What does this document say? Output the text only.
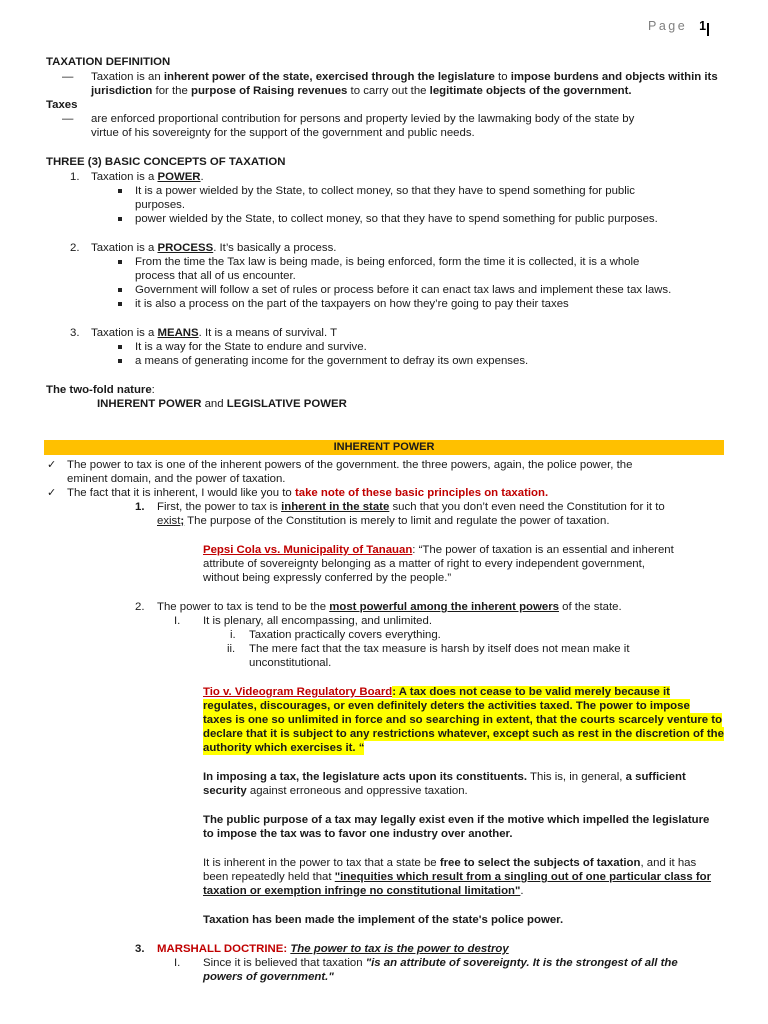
Page 1
TAXATION DEFINITION
— Taxation is an inherent power of the state, exercised through the legislature to impose burdens and objects within its
jurisdiction for the purpose of Raising revenues to carry out the legitimate objects of the government.
Taxes
— are enforced proportional contribution for persons and property levied by the lawmaking body of the state by
virtue of his sovereignty for the support of the government and public needs.
THREE (3) BASIC CONCEPTS OF TAXATION
1. Taxation is a POWER.
It is a power wielded by the State, to collect money, so that they have to spend something for public
purposes.
power wielded by the State, to collect money, so that they have to spend something for public purposes.
2. Taxation is a PROCESS. It’s basically a process.
From the time the Tax law is being made, is being enforced, form the time it is collected, it is a whole
process that all of us encounter.
Government will follow a set of rules or process before it can enact tax laws and implement these tax laws.
it is also a process on the part of the taxpayers on how they’re going to pay their taxes
3. Taxation is a MEANS. It is a means of survival. T
It is a way for the State to endure and survive.
a means of generating income for the government to defray its own expenses.
The two-fold nature:
INHERENT POWER and LEGISLATIVE POWER
INHERENT POWER
✓ The power to tax is one of the inherent powers of the government. the three powers, again, the police power, the
eminent domain, and the power of taxation.
✓ The fact that it is inherent, I would like you to take note of these basic principles on taxation.
1. First, the power to tax is inherent in the state such that you don’t even need the Constitution for it to
exist; The purpose of the Constitution is merely to limit and regulate the power of taxation.
Pepsi Cola vs. Municipality of Tanauan: “The power of taxation is an essential and inherent
attribute of sovereignty belonging as a matter of right to every independent government,
without being expressly conferred by the people.”
2. The power to tax is tend to be the most powerful among the inherent powers of the state.
I. It is plenary, all encompassing, and unlimited.
i. Taxation practically covers everything.
ii. The mere fact that the tax measure is harsh by itself does not mean make it
unconstitutional.
Tio v. Videogram Regulatory Board: A tax does not cease to be valid merely because it
regulates, discourages, or even definitely deters the activities taxed. The power to impose
taxes is one so unlimited in force and so searching in extent, that the courts scarcely venture to
declare that it is subject to any restrictions whatever, except such as rest in the discretion of the
authority which exercises it. “
In imposing a tax, the legislature acts upon its constituents. This is, in general, a sufficient
security against erroneous and oppressive taxation.
The public purpose of a tax may legally exist even if the motive which impelled the legislature
to impose the tax was to favor one industry over another.
It is inherent in the power to tax that a state be free to select the subjects of taxation, and it has
been repeatedly held that "inequities which result from a singling out of one particular class for
taxation or exemption infringe no constitutional limitation".
Taxation has been made the implement of the state's police power.
3. MARSHALL DOCTRINE: The power to tax is the power to destroy
I. Since it is believed that taxation "is an attribute of sovereignty. It is the strongest of all the
powers of government."
